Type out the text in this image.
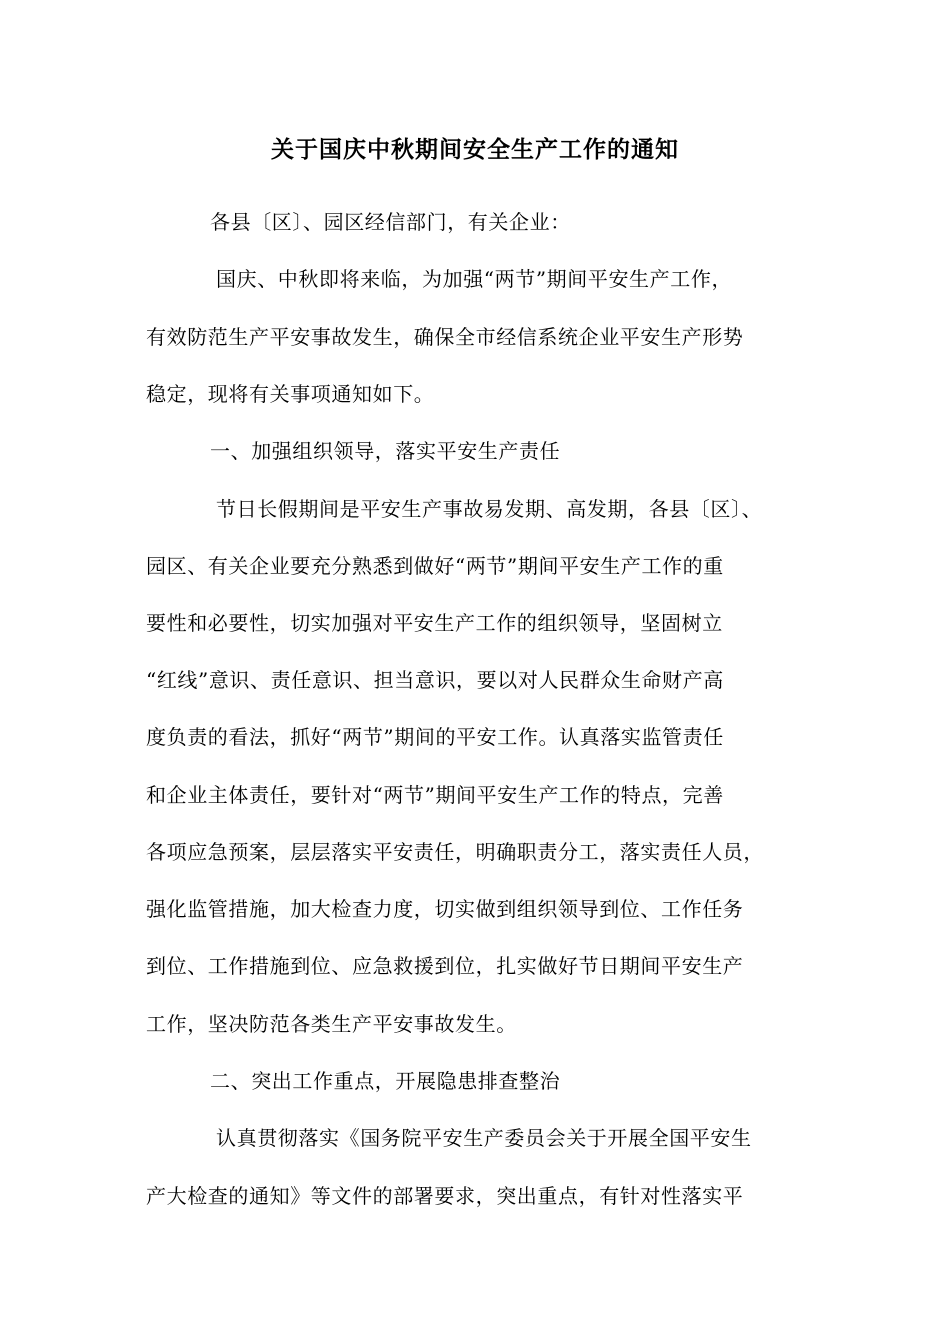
关于国庆中秋期间安全生产工作的通知
各县〔区〕、园区经信部门，有关企业：
国庆、中秋即将来临，为加强“两节”期间平安生产工作，
有效防范生产平安事故发生，确保全市经信系统企业平安生产形势
稳定，现将有关事项通知如下。
一、加强组织领导，落实平安生产责任
节日长假期间是平安生产事故易发期、高发期，各县〔区〕、
园区、有关企业要充分熟悉到做好“两节”期间平安生产工作的重
要性和必要性，切实加强对平安生产工作的组织领导，坚固树立
“红线”意识、责任意识、担当意识，要以对人民群众生命财产高
度负责的看法，抓好“两节”期间的平安工作。认真落实监管责任
和企业主体责任，要针对“两节”期间平安生产工作的特点，完善
各项应急预案，层层落实平安责任，明确职责分工，落实责任人员，
强化监管措施，加大检查力度，切实做到组织领导到位、工作任务
到位、工作措施到位、应急救援到位，扎实做好节日期间平安生产
工作，坚决防范各类生产平安事故发生。
二、突出工作重点，开展隐患排查整治
认真贯彻落实《国务院平安生产委员会关于开展全国平安生
产大检查的通知》等文件的部署要求，突出重点，有针对性落实平
